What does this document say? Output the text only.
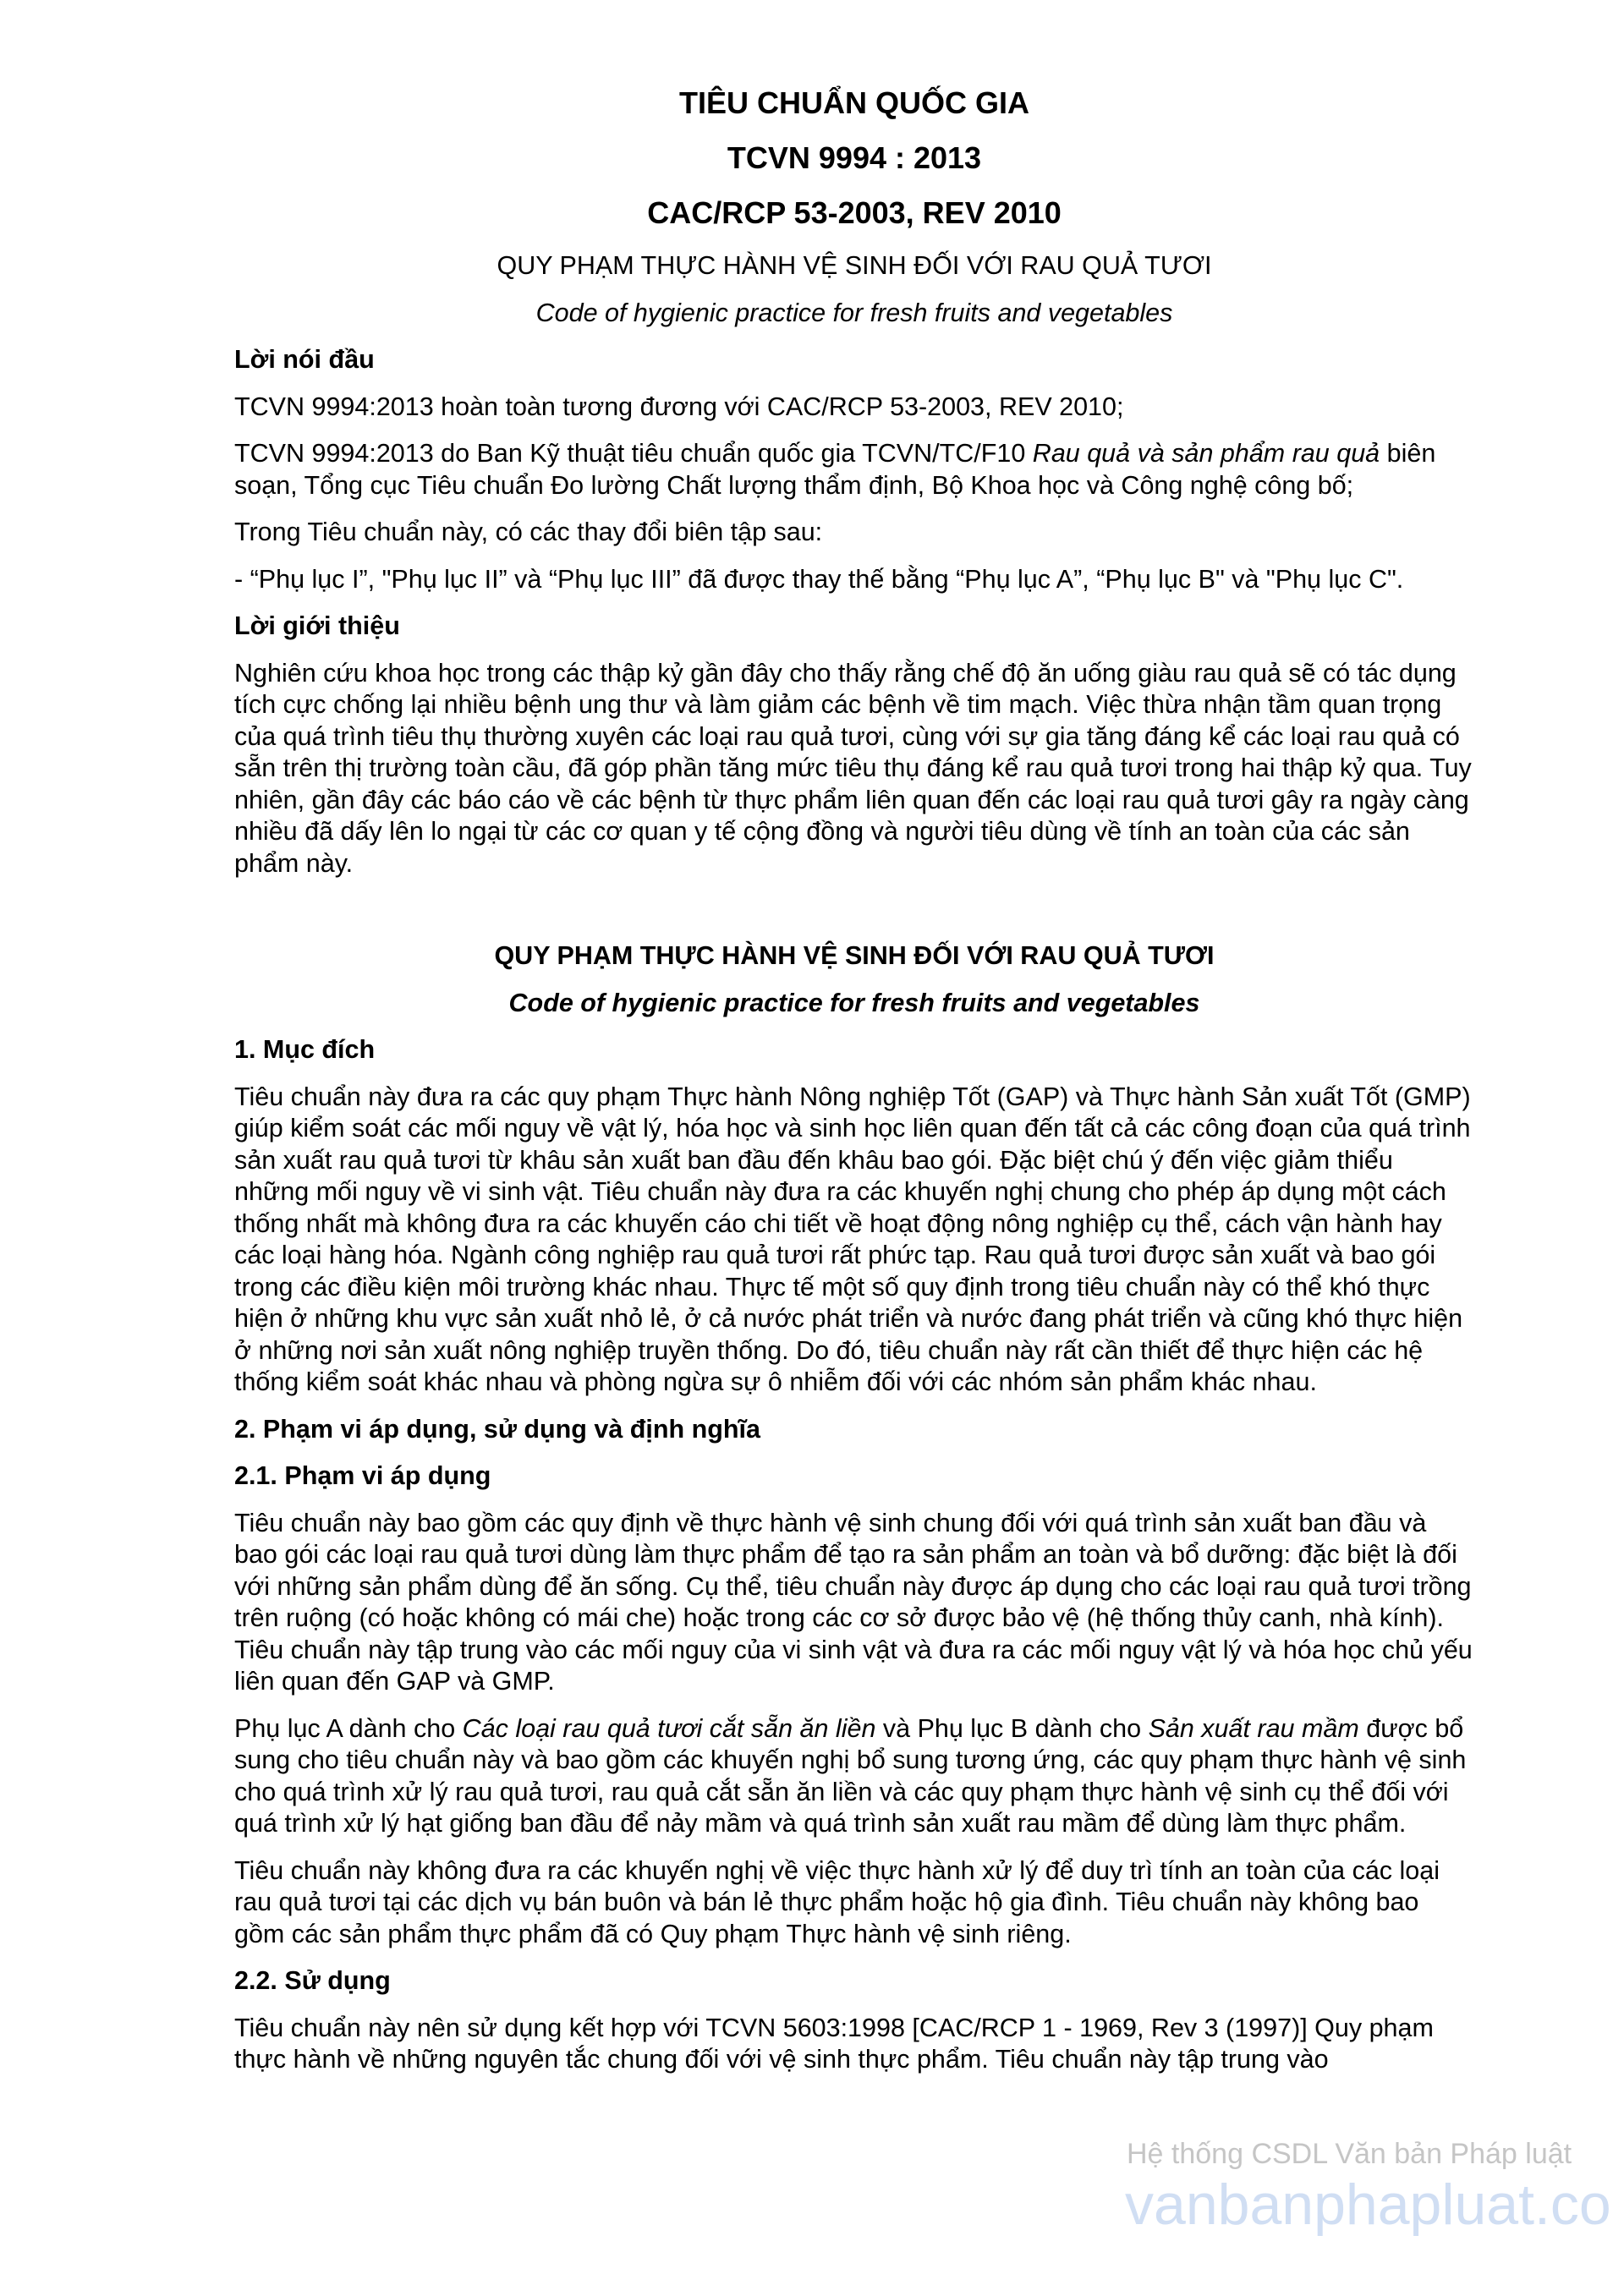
TIÊU CHUẨN QUỐC GIA
TCVN 9994 : 2013
CAC/RCP 53-2003, REV 2010
QUY PHẠM THỰC HÀNH VỆ SINH ĐỐI VỚI RAU QUẢ TƯƠI
Code of hygienic practice for fresh fruits and vegetables
Lời nói đầu

TCVN 9994:2013 hoàn toàn tương đương với CAC/RCP 53-2003, REV 2010;

TCVN 9994:2013 do Ban Kỹ thuật tiêu chuẩn quốc gia TCVN/TC/F10 Rau quả và sản phẩm rau quả biên soạn, Tổng cục Tiêu chuẩn Đo lường Chất lượng thẩm định, Bộ Khoa học và Công nghệ công bố;

Trong Tiêu chuẩn này, có các thay đổi biên tập sau:

- “Phụ lục I”, "Phụ lục II” và “Phụ lục III” đã được thay thế bằng “Phụ lục A”, “Phụ lục B" và "Phụ lục C".

Lời giới thiệu

Nghiên cứu khoa học trong các thập kỷ gần đây cho thấy rằng chế độ ăn uống giàu rau quả sẽ có tác dụng tích cực chống lại nhiều bệnh ung thư và làm giảm các bệnh về tim mạch. Việc thừa nhận tầm quan trọng của quá trình tiêu thụ thường xuyên các loại rau quả tươi, cùng với sự gia tăng đáng kể các loại rau quả có sẵn trên thị trường toàn cầu, đã góp phần tăng mức tiêu thụ đáng kể rau quả tươi trong hai thập kỷ qua. Tuy nhiên, gần đây các báo cáo về các bệnh từ thực phẩm liên quan đến các loại rau quả tươi gây ra ngày càng nhiều đã dấy lên lo ngại từ các cơ quan y tế cộng đồng và người tiêu dùng về tính an toàn của các sản phẩm này.

QUY PHẠM THỰC HÀNH VỆ SINH ĐỐI VỚI RAU QUẢ TƯƠI
Code of hygienic practice for fresh fruits and vegetables
1. Mục đích

Tiêu chuẩn này đưa ra các quy phạm Thực hành Nông nghiệp Tốt (GAP) và Thực hành Sản xuất Tốt (GMP) giúp kiểm soát các mối nguy về vật lý, hóa học và sinh học liên quan đến tất cả các công đoạn của quá trình sản xuất rau quả tươi từ khâu sản xuất ban đầu đến khâu bao gói. Đặc biệt chú ý đến việc giảm thiểu những mối nguy về vi sinh vật. Tiêu chuẩn này đưa ra các khuyến nghị chung cho phép áp dụng một cách thống nhất mà không đưa ra các khuyến cáo chi tiết về hoạt động nông nghiệp cụ thể, cách vận hành hay các loại hàng hóa. Ngành công nghiệp rau quả tươi rất phức tạp. Rau quả tươi được sản xuất và bao gói trong các điều kiện môi trường khác nhau. Thực tế một số quy định trong tiêu chuẩn này có thể khó thực hiện ở những khu vực sản xuất nhỏ lẻ, ở cả nước phát triển và nước đang phát triển và cũng khó thực hiện ở những nơi sản xuất nông nghiệp truyền thống. Do đó, tiêu chuẩn này rất cần thiết để thực hiện các hệ thống kiểm soát khác nhau và phòng ngừa sự ô nhiễm đối với các nhóm sản phẩm khác nhau.

2. Phạm vi áp dụng, sử dụng và định nghĩa
2.1. Phạm vi áp dụng

Tiêu chuẩn này bao gồm các quy định về thực hành vệ sinh chung đối với quá trình sản xuất ban đầu và bao gói các loại rau quả tươi dùng làm thực phẩm để tạo ra sản phẩm an toàn và bổ dưỡng: đặc biệt là đối với những sản phẩm dùng để ăn sống. Cụ thể, tiêu chuẩn này được áp dụng cho các loại rau quả tươi trồng trên ruộng (có hoặc không có mái che) hoặc trong các cơ sở được bảo vệ (hệ thống thủy canh, nhà kính). Tiêu chuẩn này tập trung vào các mối nguy của vi sinh vật và đưa ra các mối nguy vật lý và hóa học chủ yếu liên quan đến GAP và GMP.

Phụ lục A dành cho Các loại rau quả tươi cắt sẵn ăn liền và Phụ lục B dành cho Sản xuất rau mầm được bổ sung cho tiêu chuẩn này và bao gồm các khuyến nghị bổ sung tương ứng, các quy phạm thực hành vệ sinh cho quá trình xử lý rau quả tươi, rau quả cắt sẵn ăn liền và các quy phạm thực hành vệ sinh cụ thể đối với quá trình xử lý hạt giống ban đầu để nảy mầm và quá trình sản xuất rau mầm để dùng làm thực phẩm.

Tiêu chuẩn này không đưa ra các khuyến nghị về việc thực hành xử lý để duy trì tính an toàn của các loại rau quả tươi tại các dịch vụ bán buôn và bán lẻ thực phẩm hoặc hộ gia đình. Tiêu chuẩn này không bao gồm các sản phẩm thực phẩm đã có Quy phạm Thực hành vệ sinh riêng.

2.2. Sử dụng

Tiêu chuẩn này nên sử dụng kết hợp với TCVN 5603:1998 [CAC/RCP 1 - 1969, Rev 3 (1997)] Quy phạm thực hành về những nguyên tắc chung đối với vệ sinh thực phẩm. Tiêu chuẩn này tập trung vào

Hệ thống CSDL Văn bản Pháp luật
vanbanphapluat.co
